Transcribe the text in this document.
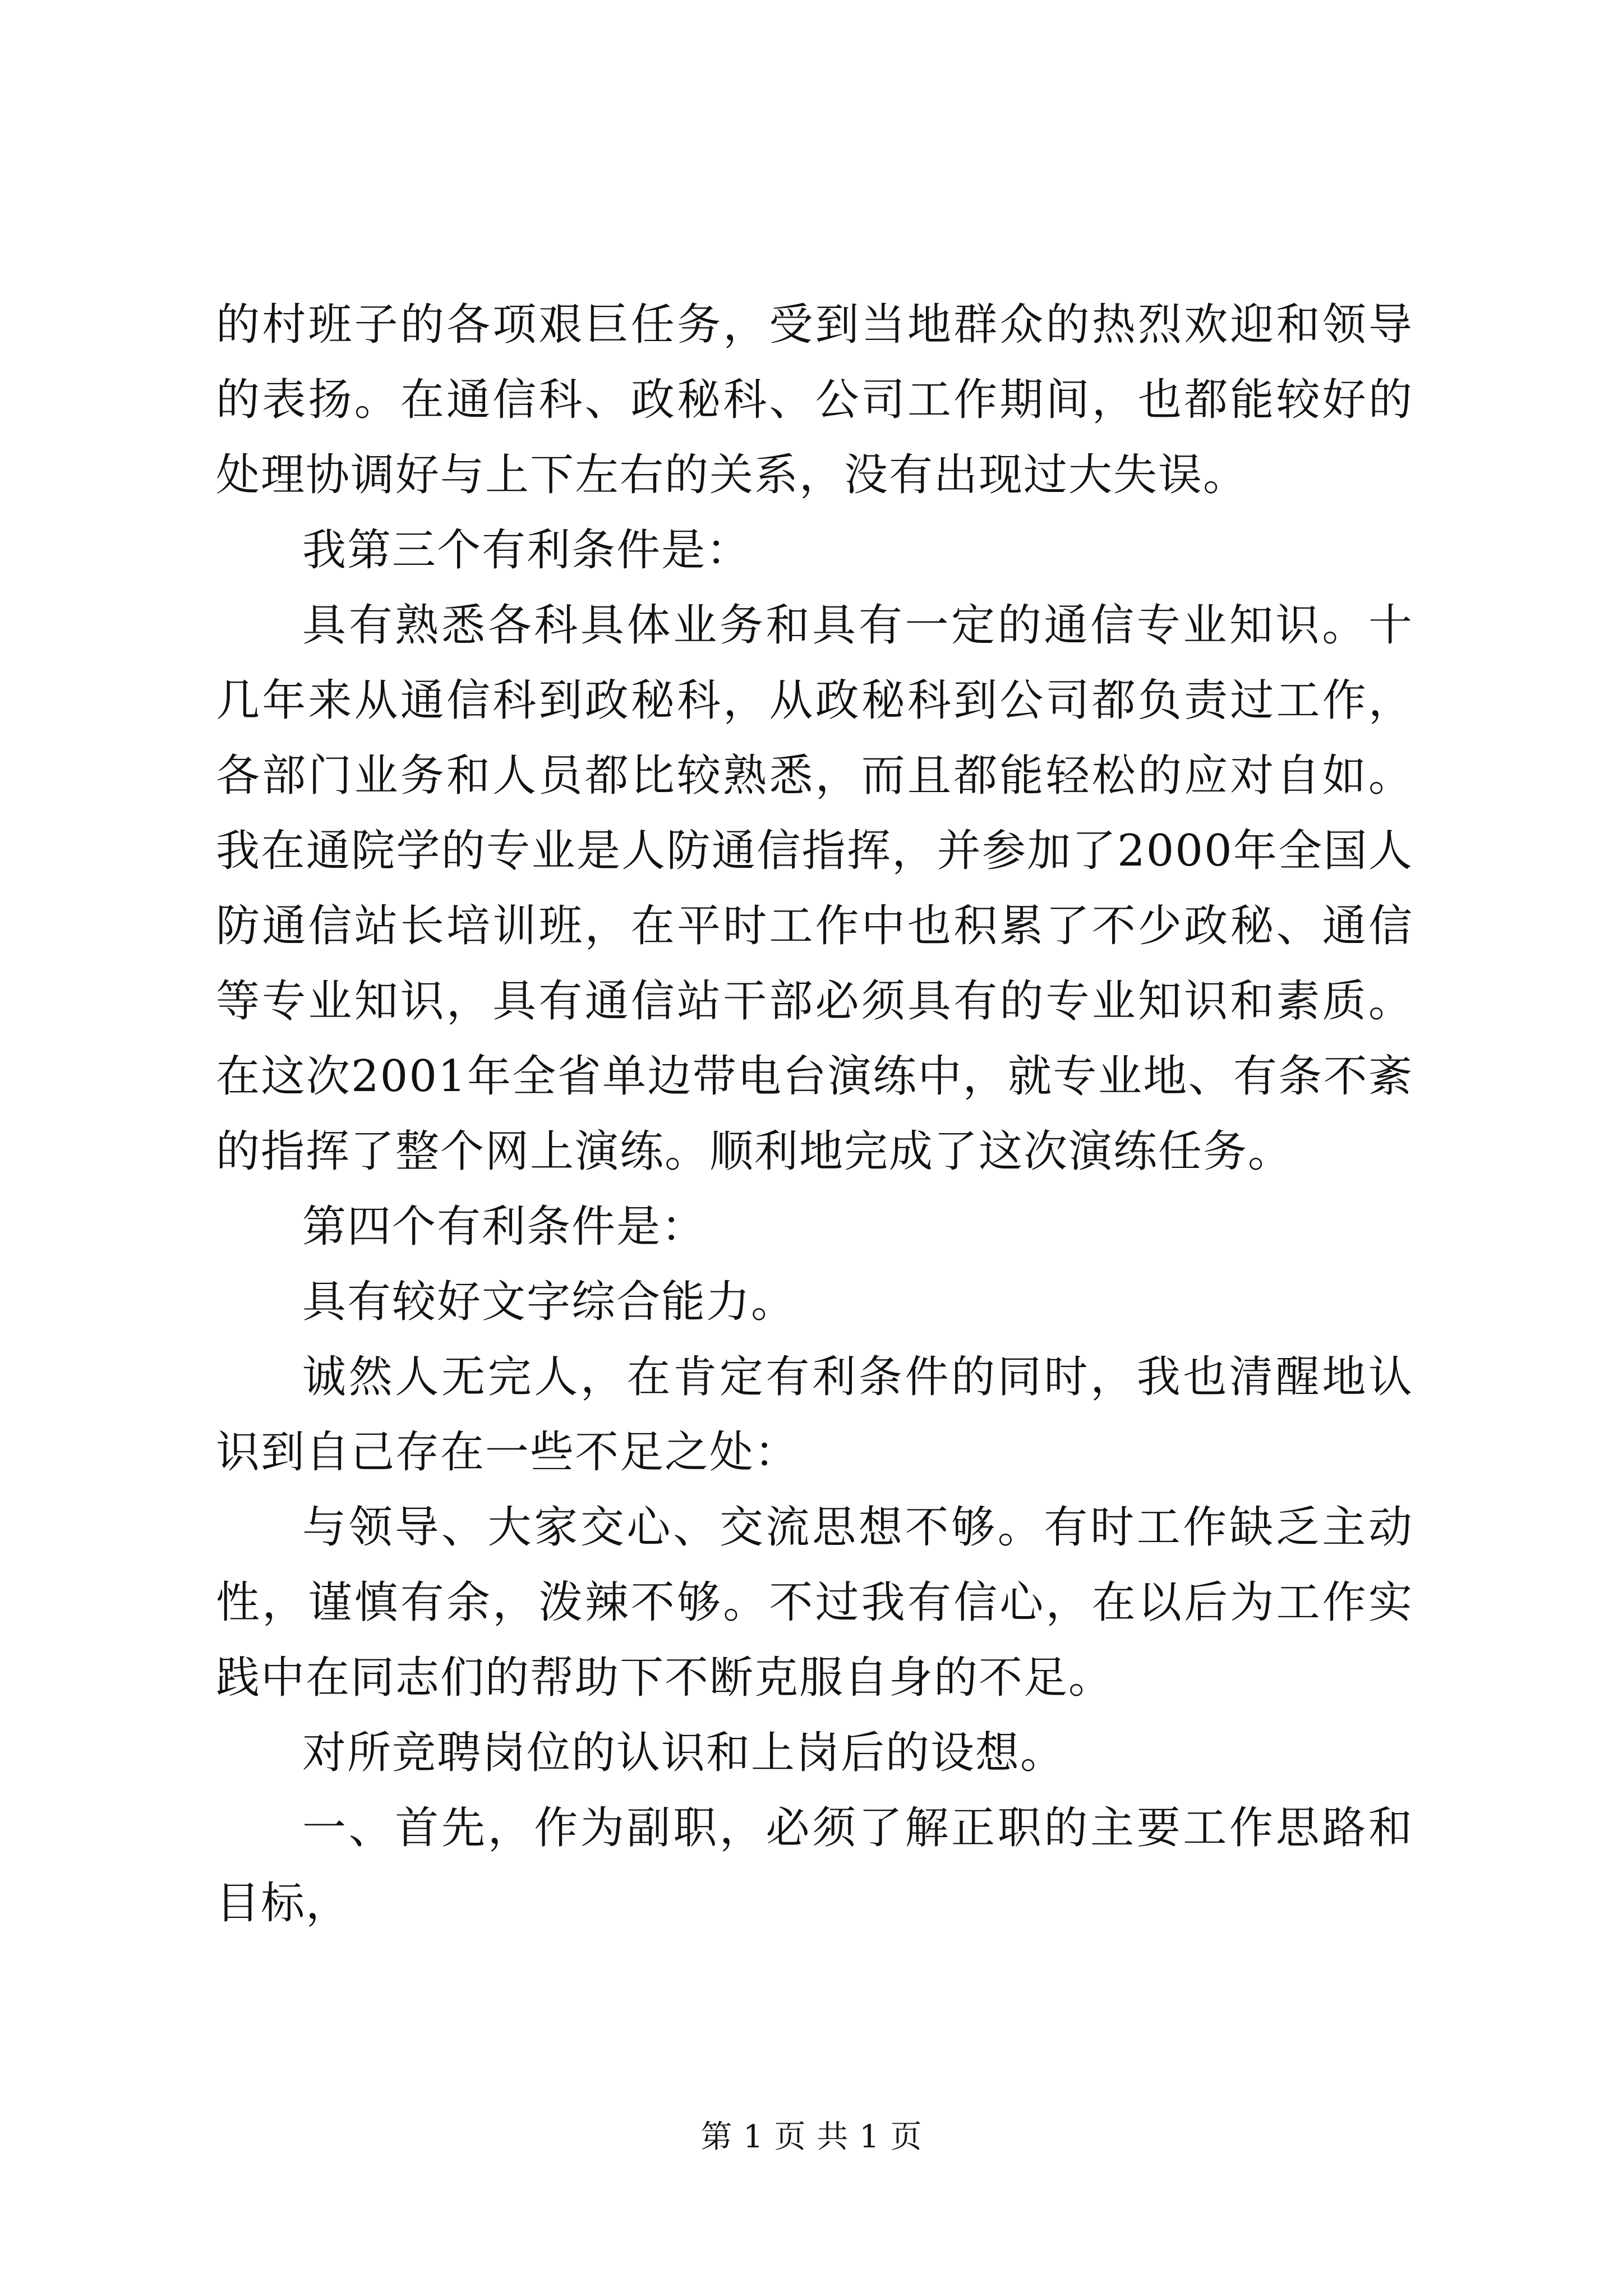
的村班子的各项艰巨任务，受到当地群众的热烈欢迎和领导的表扬。在通信科、政秘科、公司工作期间，也都能较好的处理协调好与上下左右的关系，没有出现过大失误。

我第三个有利条件是：

具有熟悉各科具体业务和具有一定的通信专业知识。十几年来从通信科到政秘科，从政秘科到公司都负责过工作，各部门业务和人员都比较熟悉，而且都能轻松的应对自如。我在通院学的专业是人防通信指挥，并参加了2000年全国人防通信站长培训班，在平时工作中也积累了不少政秘、通信等专业知识，具有通信站干部必须具有的专业知识和素质。在这次2001年全省单边带电台演练中，就专业地、有条不紊的指挥了整个网上演练。顺利地完成了这次演练任务。

第四个有利条件是：

具有较好文字综合能力。

诚然人无完人，在肯定有利条件的同时，我也清醒地认识到自己存在一些不足之处：

与领导、大家交心、交流思想不够。有时工作缺乏主动性，谨慎有余，泼辣不够。不过我有信心，在以后为工作实践中在同志们的帮助下不断克服自身的不足。

对所竞聘岗位的认识和上岗后的设想。

一、首先，作为副职，必须了解正职的主要工作思路和目标，

第 1 页 共 1 页
